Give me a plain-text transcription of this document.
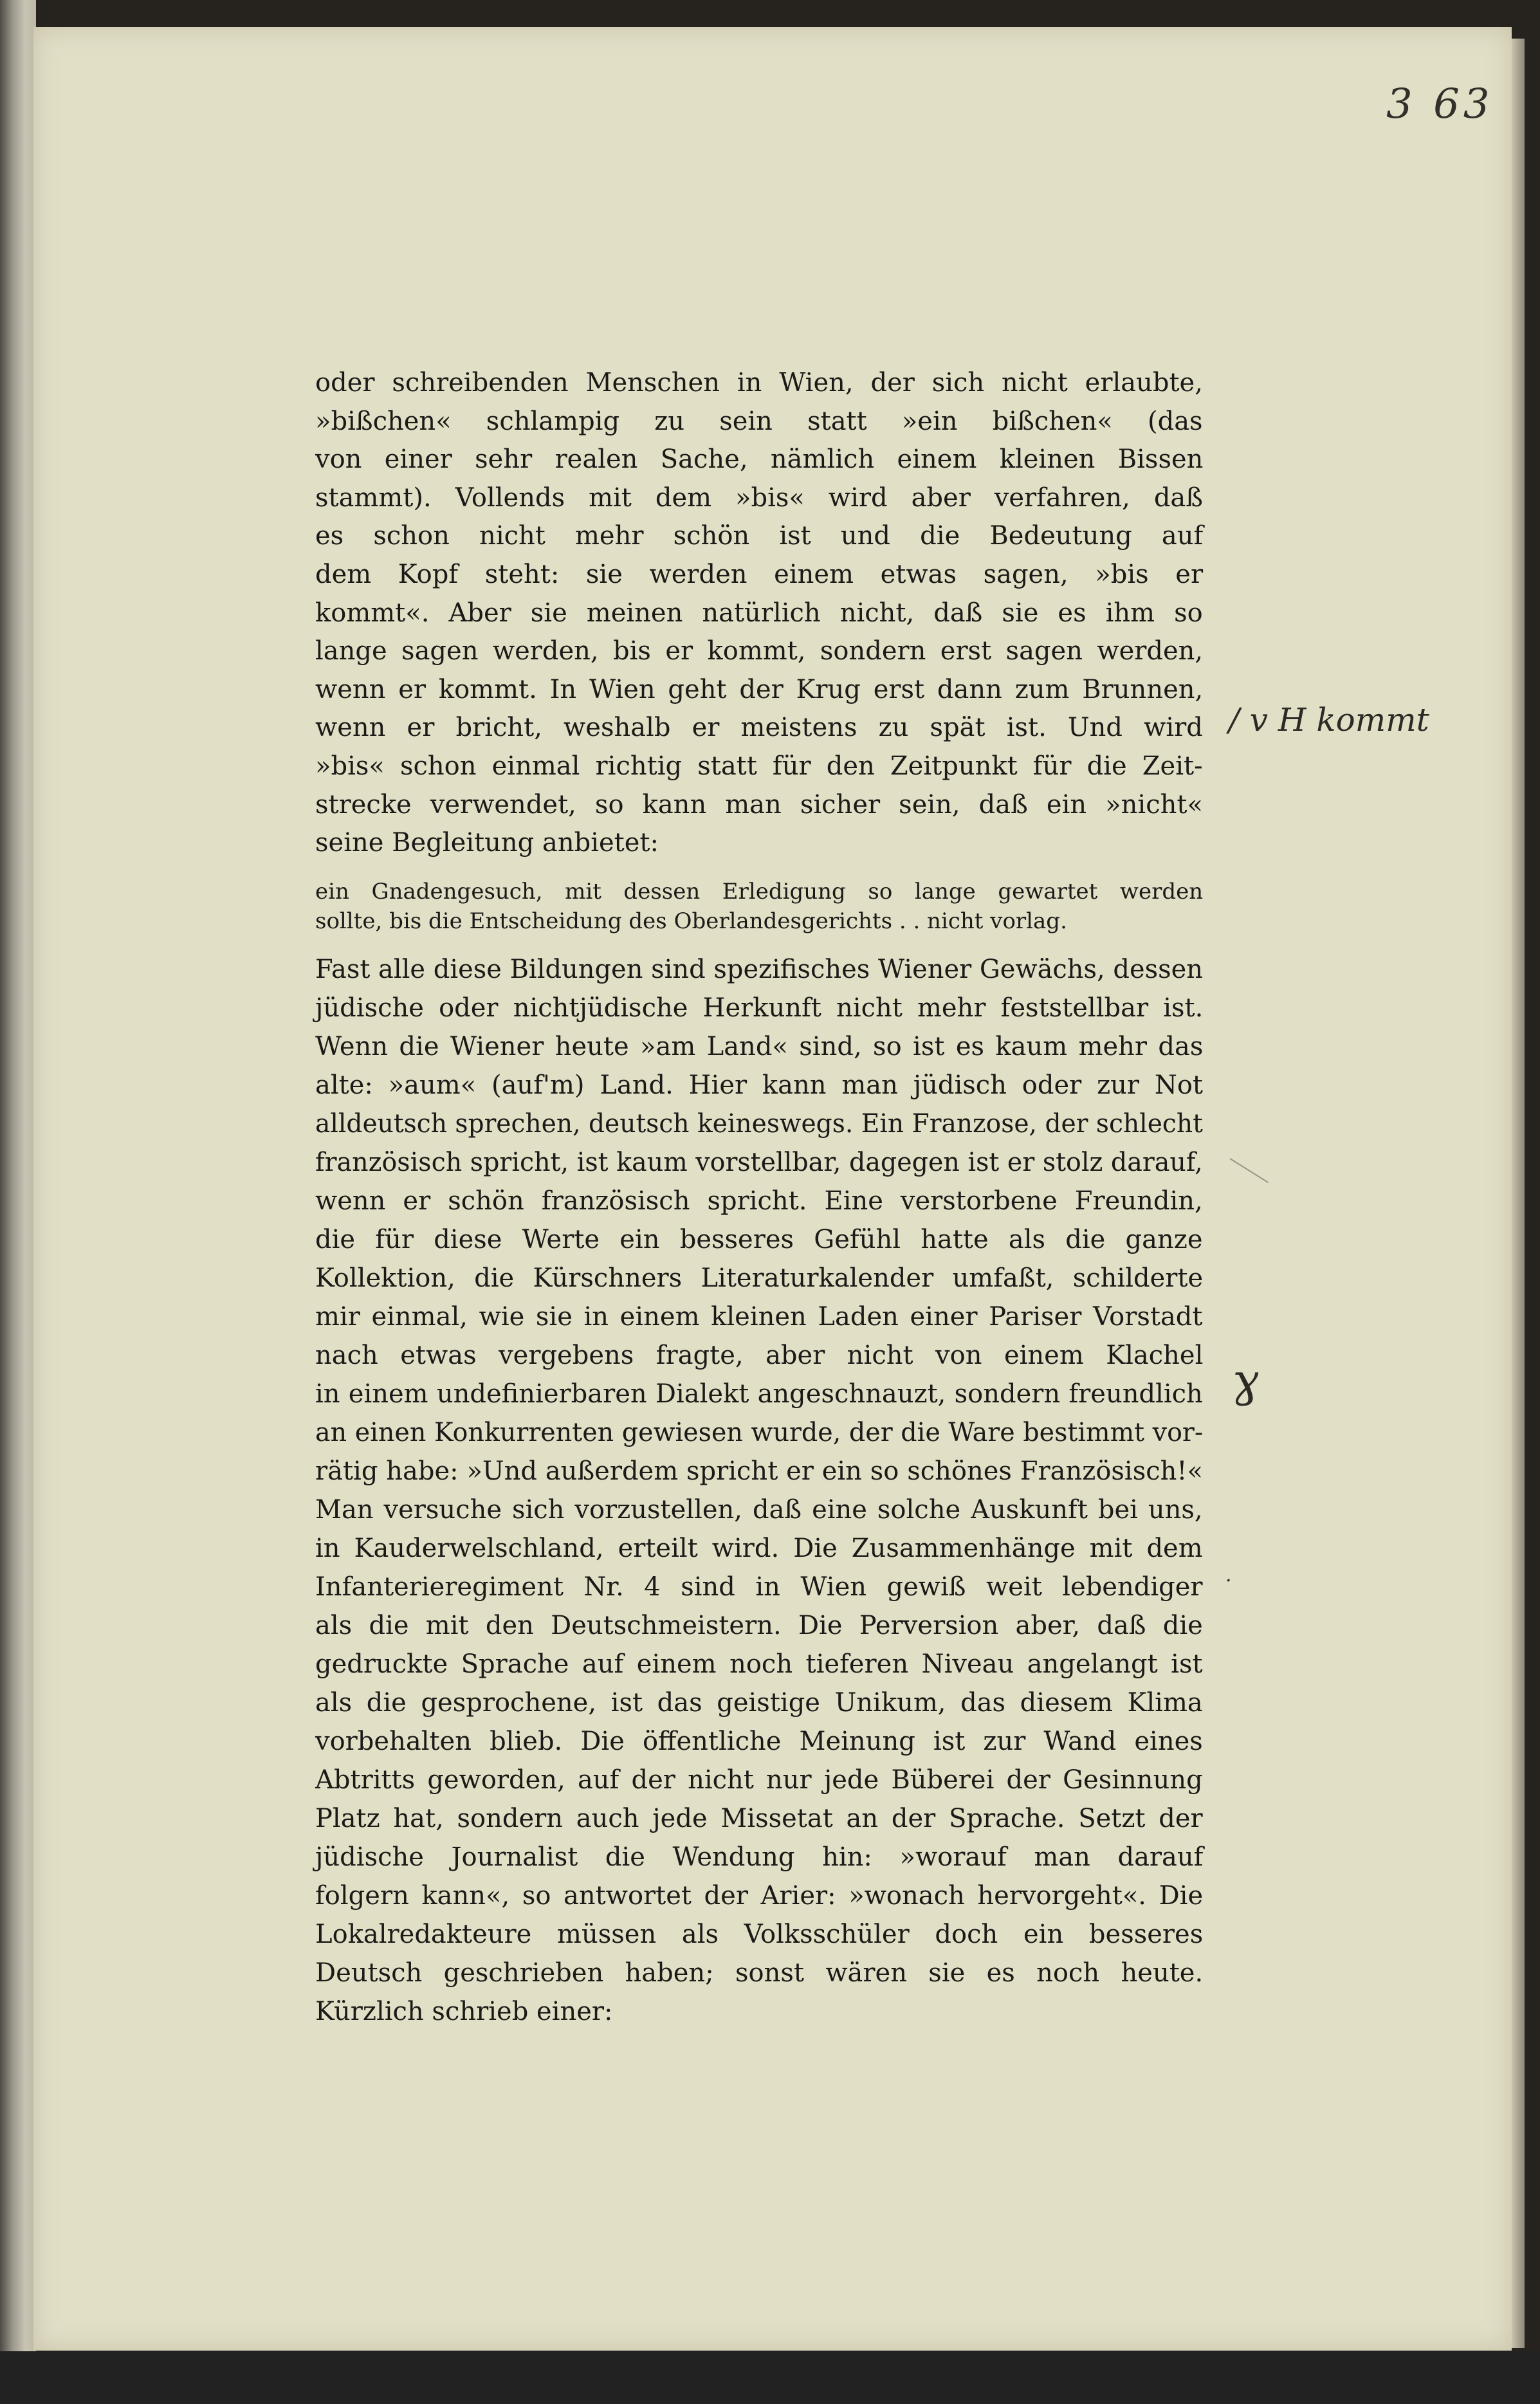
3 63
oder schreibenden Menschen in Wien, der sich nicht erlaubte,
»bißchen« schlampig zu sein statt »ein bißchen« (das
von einer sehr realen Sache, nämlich einem kleinen Bissen
stammt). Vollends mit dem »bis« wird aber verfahren, daß
es schon nicht mehr schön ist und die Bedeutung auf
dem Kopf steht: sie werden einem etwas sagen, »bis er
kommt«. Aber sie meinen natürlich nicht, daß sie es ihm so
lange sagen werden, bis er kommt, sondern erst sagen werden,
wenn er kommt. In Wien geht der Krug erst dann zum Brunnen,
wenn er bricht, weshalb er meistens zu spät ist. Und wird
»bis« schon einmal richtig statt für den Zeitpunkt für die Zeit-
strecke verwendet, so kann man sicher sein, daß ein »nicht«
seine Begleitung anbietet:
ein Gnadengesuch, mit dessen Erledigung so lange gewartet werden
sollte, bis die Entscheidung des Oberlandesgerichts . . nicht vorlag.
Fast alle diese Bildungen sind spezifisches Wiener Gewächs, dessen
jüdische oder nichtjüdische Herkunft nicht mehr feststellbar ist.
Wenn die Wiener heute »am Land« sind, so ist es kaum mehr das
alte: »aum« (auf'm) Land. Hier kann man jüdisch oder zur Not
alldeutsch sprechen, deutsch keineswegs. Ein Franzose, der schlecht
französisch spricht, ist kaum vorstellbar, dagegen ist er stolz darauf,
wenn er schön französisch spricht. Eine verstorbene Freundin,
die für diese Werte ein besseres Gefühl hatte als die ganze
Kollektion, die Kürschners Literaturkalender umfaßt, schilderte
mir einmal, wie sie in einem kleinen Laden einer Pariser Vorstadt
nach etwas vergebens fragte, aber nicht von einem Klachel
in einem undefinierbaren Dialekt angeschnauzt, sondern freundlich
an einen Konkurrenten gewiesen wurde, der die Ware bestimmt vor-
rätig habe: »Und außerdem spricht er ein so schönes Französisch!«
Man versuche sich vorzustellen, daß eine solche Auskunft bei uns,
in Kauderwelschland, erteilt wird. Die Zusammenhänge mit dem
Infanterieregiment Nr. 4 sind in Wien gewiß weit lebendiger
als die mit den Deutschmeistern. Die Perversion aber, daß die
gedruckte Sprache auf einem noch tieferen Niveau angelangt ist
als die gesprochene, ist das geistige Unikum, das diesem Klima
vorbehalten blieb. Die öffentliche Meinung ist zur Wand eines
Abtritts geworden, auf der nicht nur jede Büberei der Gesinnung
Platz hat, sondern auch jede Missetat an der Sprache. Setzt der
jüdische Journalist die Wendung hin: »worauf man darauf
folgern kann«, so antwortet der Arier: »wonach hervorgeht«. Die
Lokalredakteure müssen als Volksschüler doch ein besseres
Deutsch geschrieben haben; sonst wären sie es noch heute.
Kürzlich schrieb einer:
/ v H kommt
ɣ
·
